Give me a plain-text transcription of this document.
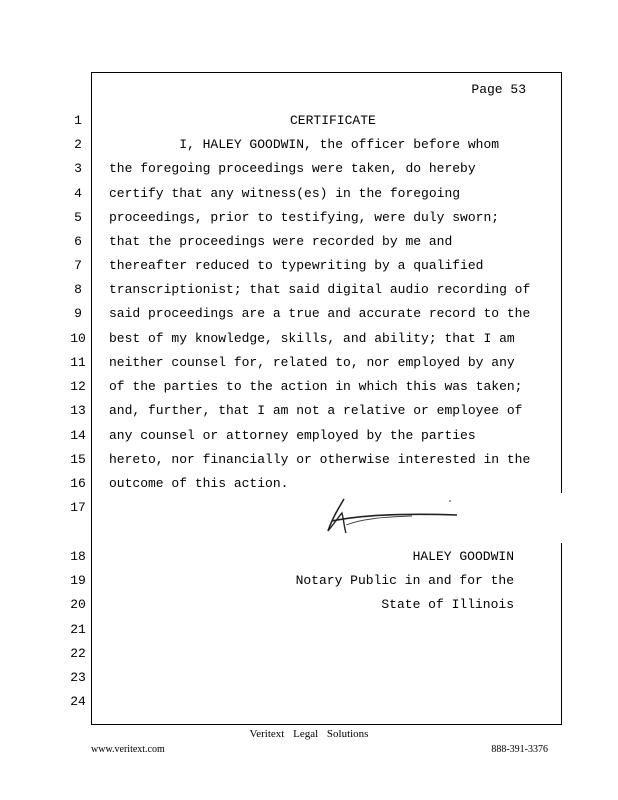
Page 53
1	CERTIFICATE
2	I, HALEY GOODWIN, the officer before whom
3	the foregoing proceedings were taken, do hereby
4	certify that any witness(es) in the foregoing
5	proceedings, prior to testifying, were duly sworn;
6	that the proceedings were recorded by me and
7	thereafter reduced to typewriting by a qualified
8	transcriptionist; that said digital audio recording of
9	said proceedings are a true and accurate record to the
10	best of my knowledge, skills, and ability; that I am
11	neither counsel for, related to, nor employed by any
12	of the parties to the action in which this was taken;
13	and, further, that I am not a relative or employee of
14	any counsel or attorney employed by the parties
15	hereto, nor financially or otherwise interested in the
16	outcome of this action.
17
18	HALEY GOODWIN
19	Notary Public in and for the
20	State of Illinois
21
22
23
24
Veritext Legal Solutions
www.veritext.com	888-391-3376
